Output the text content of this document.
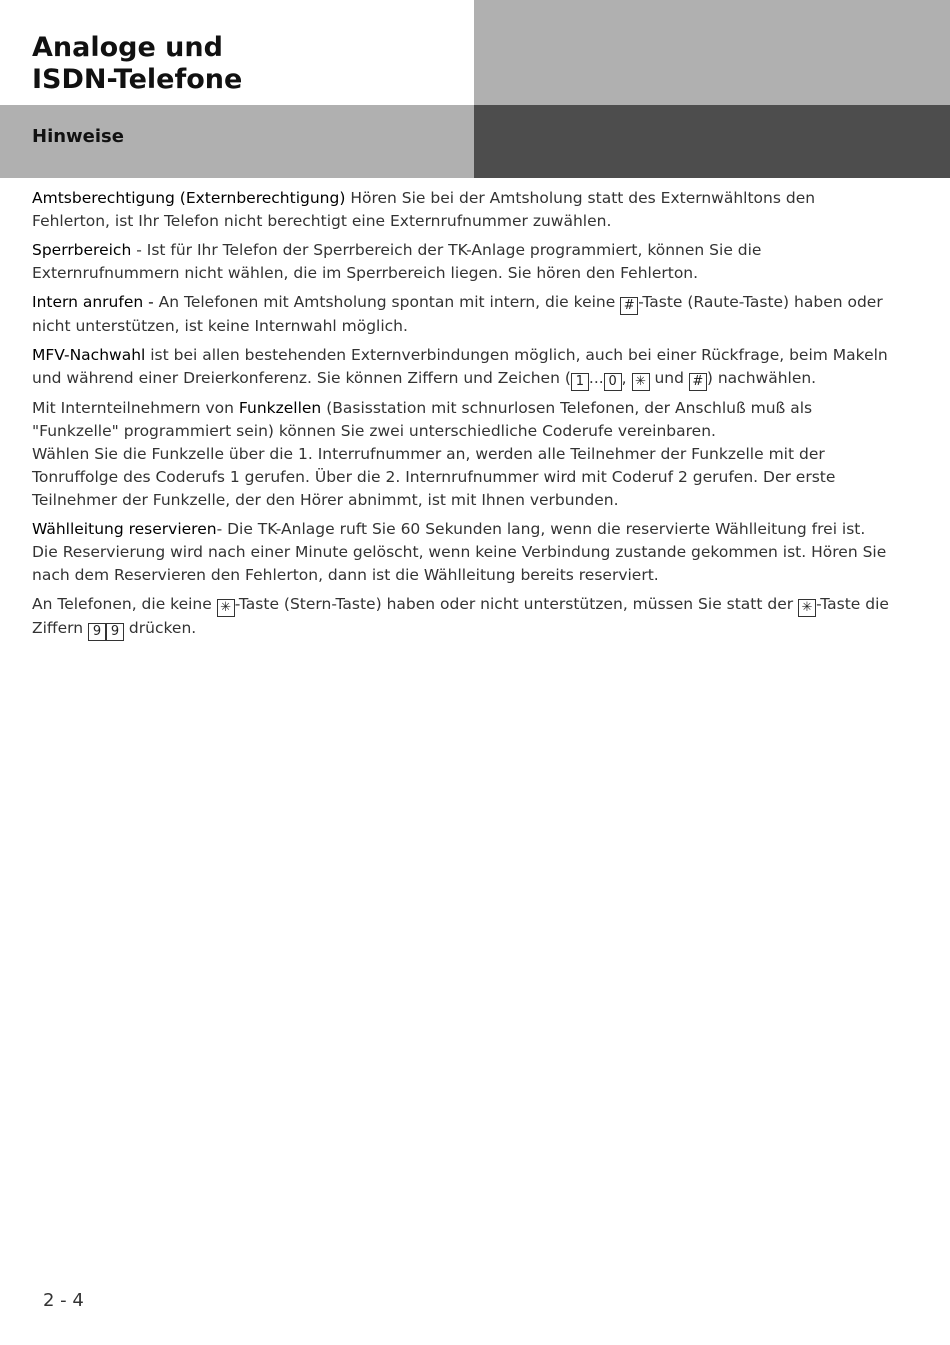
Analoge und
ISDN-Telefone
Hinweise

Amtsberechtigung (Externberechtigung) Hören Sie bei der Amtsholung statt des Externwähltons den Fehlerton, ist Ihr Telefon nicht berechtigt eine Externrufnummer zuwählen.

Sperrbereich - Ist für Ihr Telefon der Sperrbereich der TK-Anlage programmiert, können Sie die Externrufnummern nicht wählen, die im Sperrbereich liegen. Sie hören den Fehlerton.

Intern anrufen - An Telefonen mit Amtsholung spontan mit intern, die keine # -Taste (Raute-Taste) haben oder nicht unterstützen, ist keine Internwahl möglich.

MFV-Nachwahl ist bei allen bestehenden Externverbindungen möglich, auch bei einer Rückfrage, beim Makeln und während einer Dreierkonferenz. Sie können Ziffern und Zeichen ( 1 ... 0 , ✳ und # ) nachwählen.

Mit Internteilnehmern von Funkzellen (Basisstation mit schnurlosen Telefonen, der Anschluß muß als "Funkzelle" programmiert sein) können Sie zwei unterschiedliche Coderufe vereinbaren.

Wählen Sie die Funkzelle über die 1. Interrufnummer an, werden alle Teilnehmer der Funkzelle mit der Tonruffolge des Coderufs 1 gerufen. Über die 2. Internrufnummer wird mit Coderuf 2 gerufen. Der erste Teilnehmer der Funkzelle, der den Hörer abnimmt, ist mit Ihnen verbunden.

Wählleitung reservieren- Die TK-Anlage ruft Sie 60 Sekunden lang, wenn die reservierte Wählleitung frei ist.

Die Reservierung wird nach einer Minute gelöscht, wenn keine Verbindung zustande gekommen ist. Hören Sie nach dem Reservieren den Fehlerton, dann ist die Wählleitung bereits reserviert.

An Telefonen, die keine ✳ -Taste (Stern-Taste) haben oder nicht unterstützen, müssen Sie statt der ✳ -Taste die Ziffern 9 9 drücken.

2 - 4
